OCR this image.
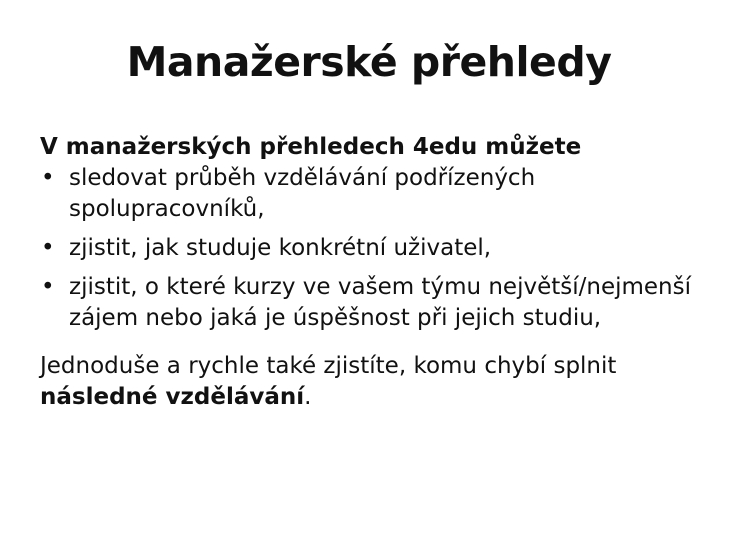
Manažerské přehledy
V manažerských přehledech 4edu můžete
• sledovat průběh vzdělávání podřízených spolupracovníků,
• zjistit, jak studuje konkrétní uživatel,
• zjistit, o které kurzy ve vašem týmu největší/nejmenší zájem nebo jaká je úspěšnost při jejich studiu,
Jednoduše a rychle také zjistíte, komu chybí splnit následné vzdělávání.
